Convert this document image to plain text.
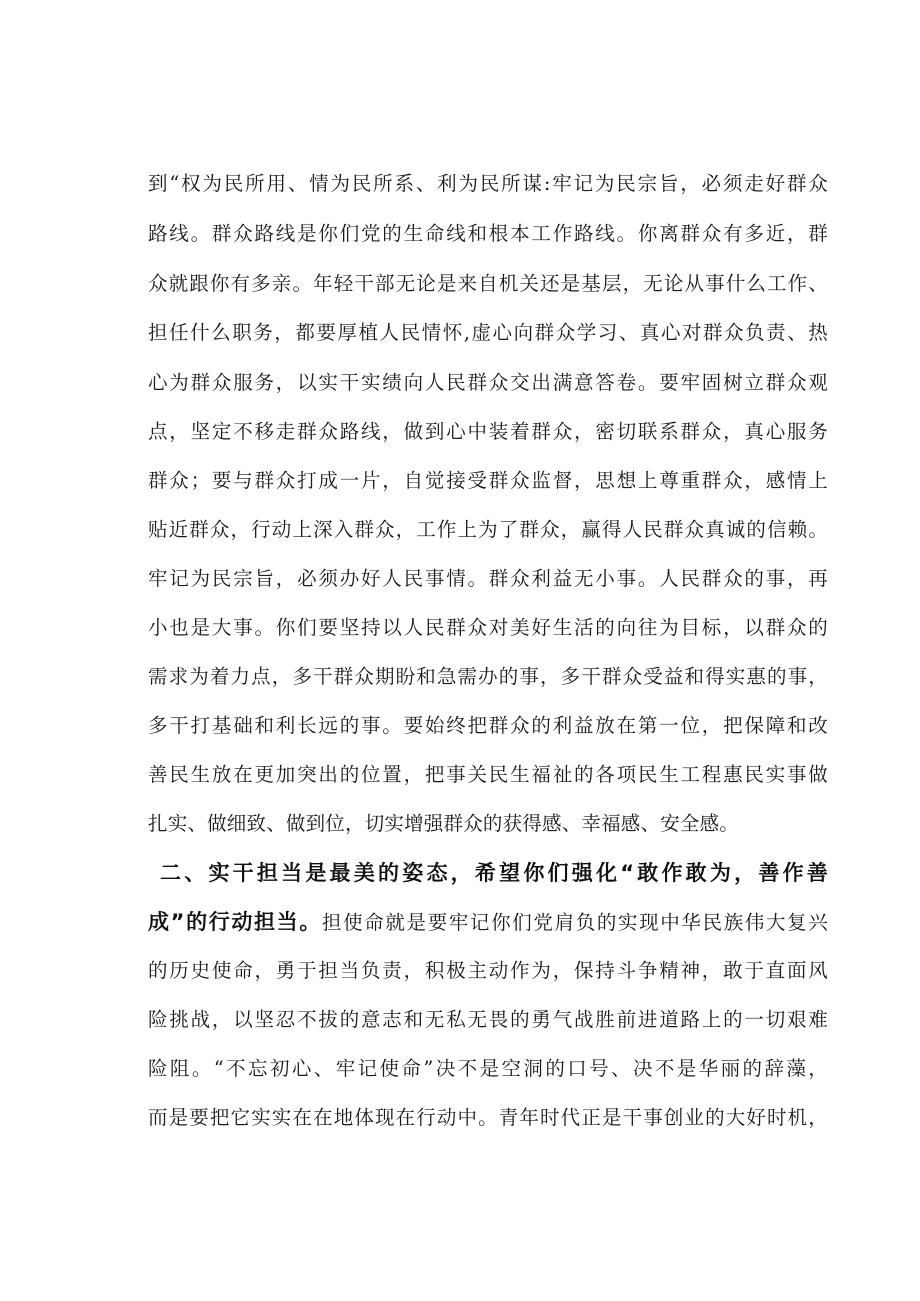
到“权为民所用、情为民所系、利为民所谋:牢记为民宗旨，必须走好群众
路线。群众路线是你们党的生命线和根本工作路线。你离群众有多近，群
众就跟你有多亲。年轻干部无论是来自机关还是基层，无论从事什么工作、
担任什么职务，都要厚植人民情怀,虚心向群众学习、真心对群众负责、热
心为群众服务，以实干实绩向人民群众交出满意答卷。要牢固树立群众观
点，坚定不移走群众路线，做到心中装着群众，密切联系群众，真心服务
群众；要与群众打成一片，自觉接受群众监督，思想上尊重群众，感情上
贴近群众，行动上深入群众，工作上为了群众，赢得人民群众真诚的信赖。
牢记为民宗旨，必须办好人民事情。群众利益无小事。人民群众的事，再
小也是大事。你们要坚持以人民群众对美好生活的向往为目标，以群众的
需求为着力点，多干群众期盼和急需办的事，多干群众受益和得实惠的事，
多干打基础和利长远的事。要始终把群众的利益放在第一位，把保障和改
善民生放在更加突出的位置，把事关民生福祉的各项民生工程惠民实事做
扎实、做细致、做到位，切实增强群众的获得感、幸福感、安全感。
二、实干担当是最美的姿态，希望你们强化“敢作敢为，善作善
成”的行动担当。担使命就是要牢记你们党肩负的实现中华民族伟大复兴
的历史使命，勇于担当负责，积极主动作为，保持斗争精神，敢于直面风
险挑战，以坚忍不拔的意志和无私无畏的勇气战胜前进道路上的一切艰难
险阻。“不忘初心、牢记使命”决不是空洞的口号、决不是华丽的辞藻，
而是要把它实实在在地体现在行动中。青年时代正是干事创业的大好时机，
